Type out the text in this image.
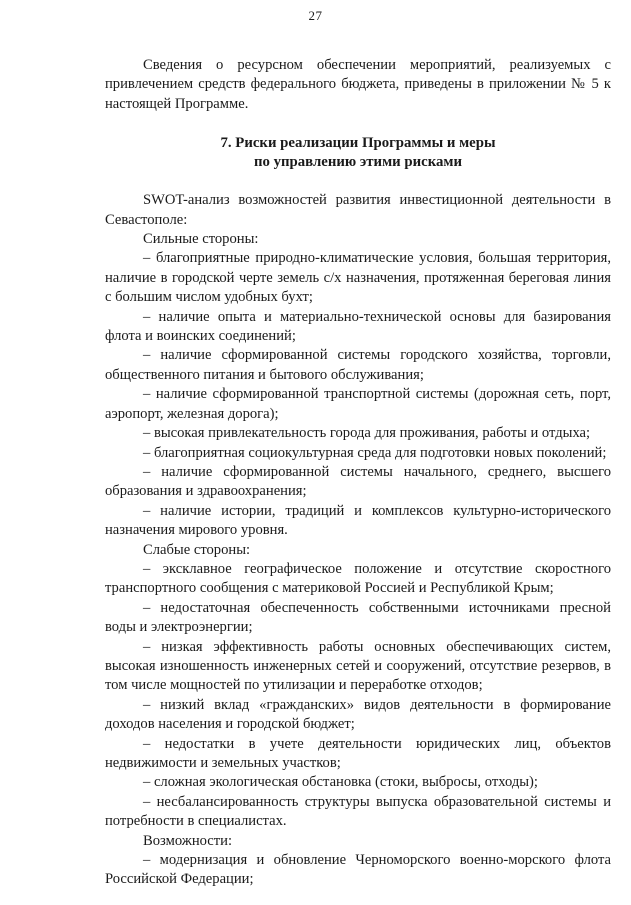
27

Сведения о ресурсном обеспечении мероприятий, реализуемых с привлечением средств федерального бюджета, приведены в приложении № 5 к настоящей Программе.

7. Риски реализации Программы и меры
по управлению этими рисками

SWOT-анализ возможностей развития инвестиционной деятельности в Севастополе:

Сильные стороны:

– благоприятные природно-климатические условия, большая территория, наличие в городской черте земель с/х назначения, протяженная береговая линия с большим числом удобных бухт;

– наличие опыта и материально-технической основы для базирования флота и воинских соединений;

– наличие сформированной системы городского хозяйства, торговли, общественного питания и бытового обслуживания;

– наличие сформированной транспортной системы (дорожная сеть, порт, аэропорт, железная дорога);

– высокая привлекательность города для проживания, работы и отдыха;

– благоприятная социокультурная среда для подготовки новых поколений;

– наличие сформированной системы начального, среднего, высшего образования и здравоохранения;

– наличие истории, традиций и комплексов культурно-исторического назначения мирового уровня.

Слабые стороны:

– эксклавное географическое положение и отсутствие скоростного транспортного сообщения с материковой Россией и Республикой Крым;

– недостаточная обеспеченность собственными источниками пресной воды и электроэнергии;

– низкая эффективность работы основных обеспечивающих систем, высокая изношенность инженерных сетей и сооружений, отсутствие резервов, в том числе мощностей по утилизации и переработке отходов;

– низкий вклад «гражданских» видов деятельности в формирование доходов населения и городской бюджет;

– недостатки в учете деятельности юридических лиц, объектов недвижимости и земельных участков;

– сложная экологическая обстановка (стоки, выбросы, отходы);

– несбалансированность структуры выпуска образовательной системы и потребности в специалистах.

Возможности:

– модернизация и обновление Черноморского военно-морского флота Российской Федерации;
